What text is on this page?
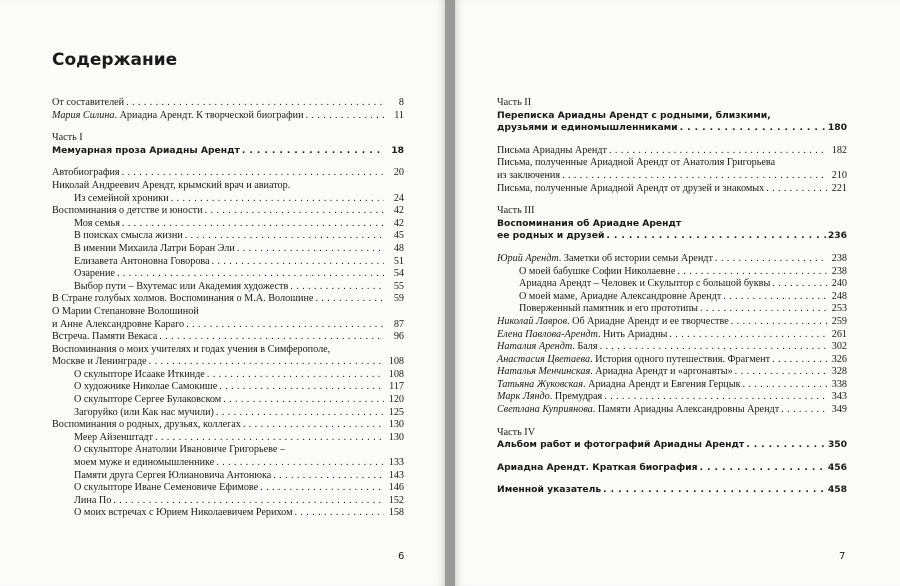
Содержание
От составителей . . .	8
Мария Силина. Ариадна Арендт. К творческой биографии . . .	11
Часть I
Мемуарная проза Ариадны Арендт . . .	18
Автобиография . . .	20
Николай Андреевич Арендт, крымский врач и авиатор.
Из семейной хроники . . .	24
Воспоминания о детстве и юности . . .	42
Моя семья . . .	42
В поисках смысла жизни . . .	45
В имении Михаила Латри Боран Эли . . .	48
Елизавета Антоновна Говорова . . .	51
Озарение . . .	54
Выбор пути – Вхутемас или Академия художеств . . .	55
В Стране голубых холмов. Воспоминания о М.А. Волошине . . .	59
О Марии Степановне Волошиной
и Анне Александровне Караго . . .	87
Встреча. Памяти Векаса . . .	96
Воспоминания о моих учителях и годах учения в Симферополе,
Москве и Ленинграде . . .	108
О скульпторе Исааке Иткинде . . .	108
О художнике Николае Самокише . . .	117
О скульпторе Сергее Булаковском . . .	120
Загоруйко (или Как нас мучили) . . .	125
Воспоминания о родных, друзьях, коллегах . . .	130
Меер Айзенштадт . . .	130
О скульпторе Анатолии Ивановиче Григорьеве –
моем муже и единомышленнике . . .	133
Памяти друга Сергея Юлиановича Антонюка . . .	143
О скульпторе Иване Семеновиче Ефимове . . .	146
Лина По . . .	152
О моих встречах с Юрием Николаевичем Рерихом . . .	158
6
Часть II
Переписка Ариадны Арендт с родными, близкими,
друзьями и единомышленниками . . .	180
Письма Ариадны Арендт . . .	182
Письма, полученные Ариадной Арендт от Анатолия Григорьева
из заключения . . .	210
Письма, полученные Ариадной Арендт от друзей и знакомых . . .	221
Часть III
Воспоминания об Ариадне Арендт
ее родных и друзей . . .	236
Юрий Арендт. Заметки об истории семьи Арендт . . .	238
О моей бабушке Софии Николаевне . . .	238
Ариадна Арендт – Человек и Скульптор с большой буквы . . .	240
О моей маме, Ариадне Александровне Арендт . . .	248
Поверженный памятник и его прототипы . . .	253
Николай Лавров. Об Ариадне Арендт и ее творчестве . . .	259
Елена Павлова-Арендт. Нить Ариадны . . .	261
Наталия Арендт. Баля . . .	302
Анастасия Цветаева. История одного путешествия. Фрагмент . . .	326
Наталья Менчинская. Ариадна Арендт и «аргонавты» . . .	328
Татьяна Жуковская. Ариадна Арендт и Евгения Герцык . . .	338
Марк Ляндо. Премудрая . . .	343
Светлана Куприянова. Памяти Ариадны Александровны Арендт . . .	349
Часть IV
Альбом работ и фотографий Ариадны Арендт . . .	350
Ариадна Арендт. Краткая биография . . .	456
Именной указатель . . .	458
7
